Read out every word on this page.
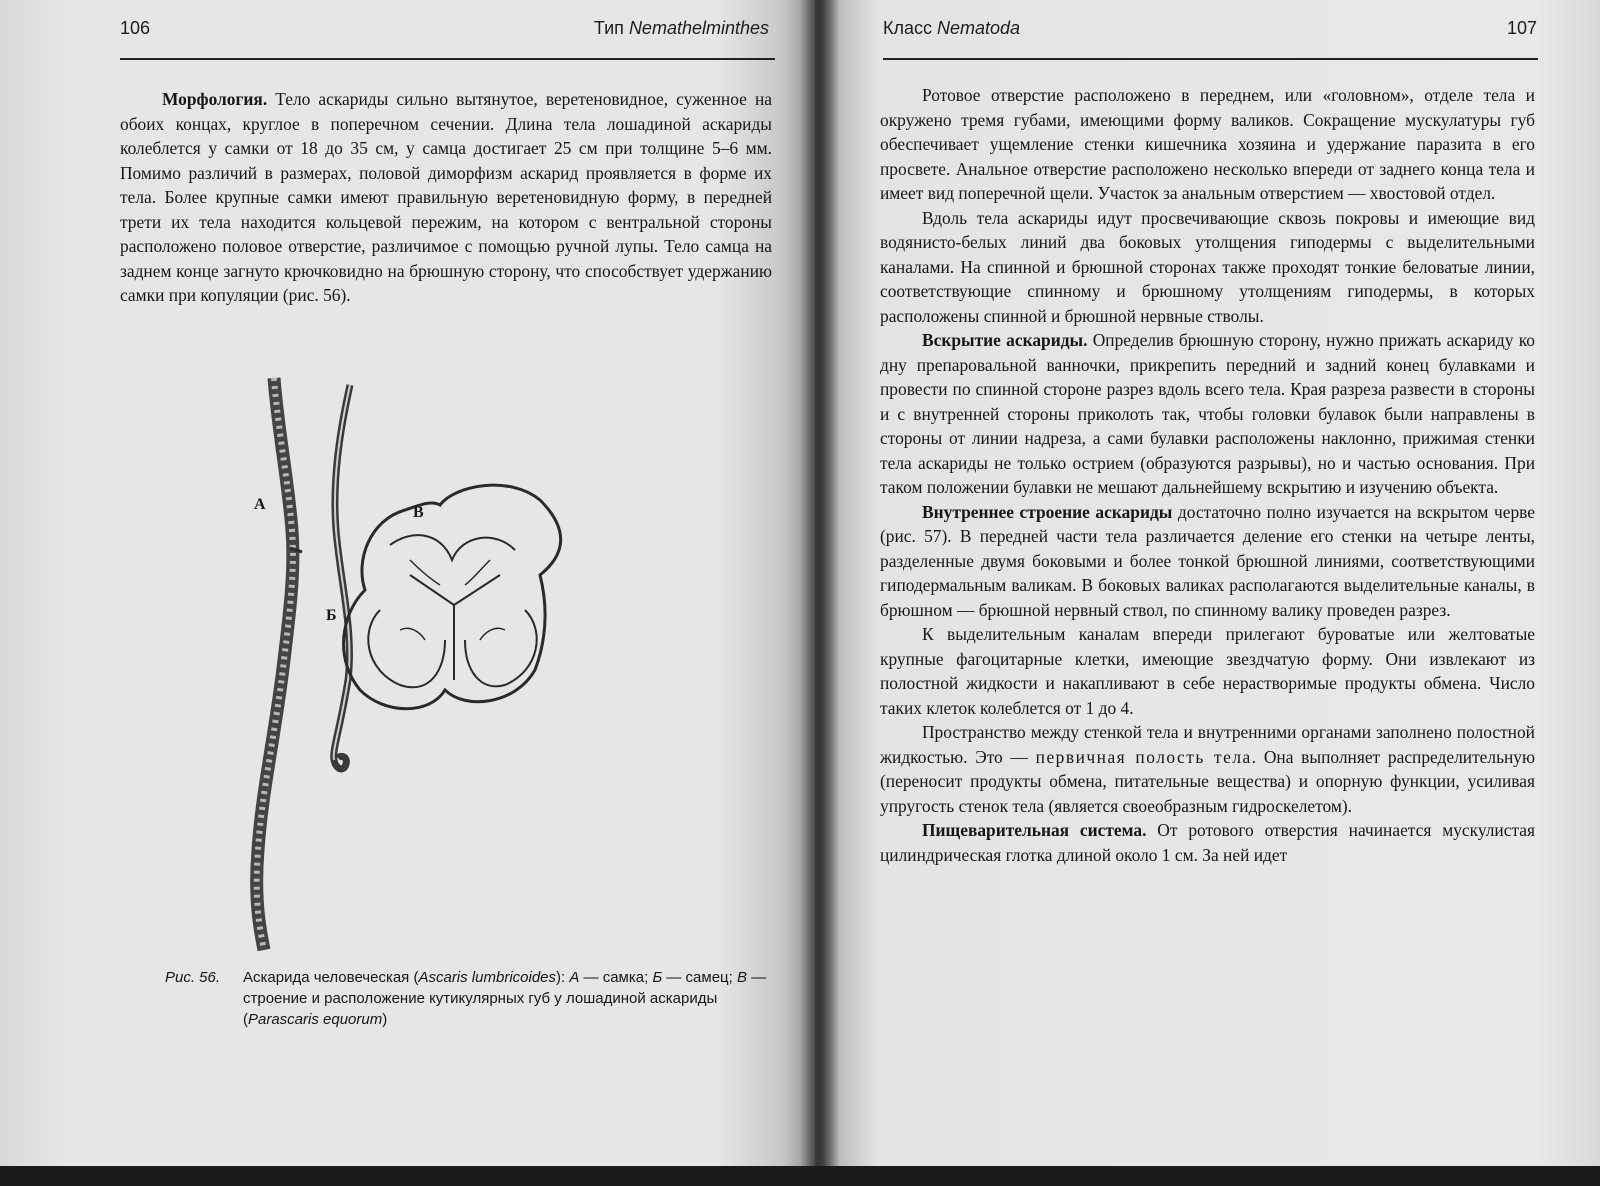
106	Тип Nemathelminthes

Морфология. Тело аскариды сильно вытянутое, веретеновидное, суженное на обоих концах, круглое в поперечном сечении. Длина тела лошадиной аскариды колеблется у самки от 18 до 35 см, у самца достигает 25 см при толщине 5–6 мм. Помимо различий в размерах, половой диморфизм аскарид проявляется в форме их тела. Более крупные самки имеют правильную веретеновидную форму, в передней трети их тела находится кольцевой пережим, на котором с вентральной стороны расположено половое отверстие, различимое с помощью ручной лупы. Тело самца на заднем конце загнуто крючковидно на брюшную сторону, что способствует удержанию самки при копуляции (рис. 56).

А
Б
В
Рис. 56. Аскарида человеческая (Ascaris lumbricoides): А — самка; Б — самец; В — строение и расположение кутикулярных губ у лошадиной аскариды (Parascaris equorum)
Класс Nematoda	107

Ротовое отверстие расположено в переднем, или «головном», отделе тела и окружено тремя губами, имеющими форму валиков. Сокращение мускулатуры губ обеспечивает ущемление стенки кишечника хозяина и удержание паразита в его просвете. Анальное отверстие расположено несколько впереди от заднего конца тела и имеет вид поперечной щели. Участок за анальным отверстием — хвостовой отдел.

Вдоль тела аскариды идут просвечивающие сквозь покровы и имеющие вид водянисто-белых линий два боковых утолщения гиподермы с выделительными каналами. На спинной и брюшной сторонах также проходят тонкие беловатые линии, соответствующие спинному и брюшному утолщениям гиподермы, в которых расположены спинной и брюшной нервные стволы.

Вскрытие аскариды. Определив брюшную сторону, нужно прижать аскариду ко дну препаровальной ванночки, прикрепить передний и задний конец булавками и провести по спинной стороне разрез вдоль всего тела. Края разреза развести в стороны и с внутренней стороны приколоть так, чтобы головки булавок были направлены в стороны от линии надреза, а сами булавки расположены наклонно, прижимая стенки тела аскариды не только острием (образуются разрывы), но и частью основания. При таком положении булавки не мешают дальнейшему вскрытию и изучению объекта.

Внутреннее строение аскариды достаточно полно изучается на вскрытом черве (рис. 57). В передней части тела различается деление его стенки на четыре ленты, разделенные двумя боковыми и более тонкой брюшной линиями, соответствующими гиподермальным валикам. В боковых валиках располагаются выделительные каналы, в брюшном — брюшной нервный ствол, по спинному валику проведен разрез.

К выделительным каналам впереди прилегают буроватые или желтоватые крупные фагоцитарные клетки, имеющие звездчатую форму. Они извлекают из полостной жидкости и накапливают в себе нерастворимые продукты обмена. Число таких клеток колеблется от 1 до 4.

Пространство между стенкой тела и внутренними органами заполнено полостной жидкостью. Это — первичная полость тела. Она выполняет распределительную (переносит продукты обмена, питательные вещества) и опорную функции, усиливая упругость стенок тела (является своеобразным гидроскелетом).

Пищеварительная система. От ротового отверстия начинается мускулистая цилиндрическая глотка длиной около 1 см. За ней идет
